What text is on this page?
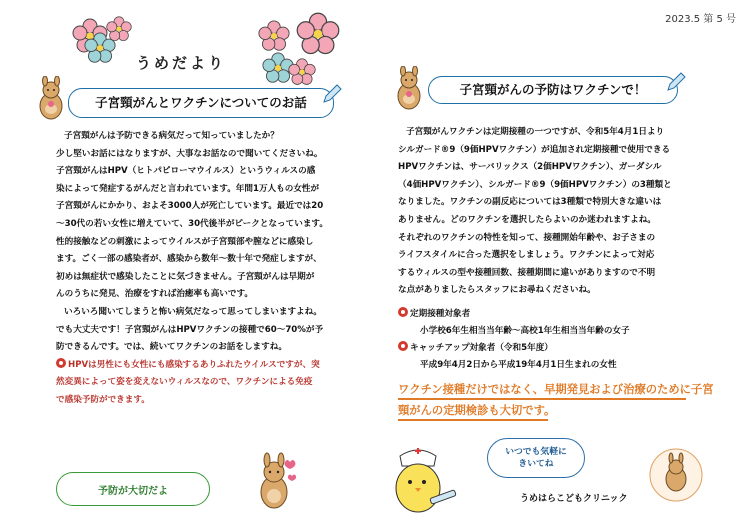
2023.5 第 5 号
うめだより
子宮頸がんとワクチンについてのお話

子宮頸がんは予防できる病気だって知っていましたか？

少し堅いお話にはなりますが、大事なお話なので聞いてくださいね。

子宮頸がんはHPV（ヒトパピローマウイルス）というウィルスの感

染によって発症するがんだと言われています。年間1万人もの女性が

子宮頸がんにかかり、およそ3000人が死亡しています。最近では20

～30代の若い女性に増えていて、30代後半がピークとなっています。

性的接触などの刺激によってウイルスが子宮頸部や膣などに感染し

ます。ごく一部の感染者が、感染から数年～数十年で発症しますが、

初めは無症状で感染したことに気づきません。子宮頸がんは早期が

んのうちに発見、治療をすれば治癒率も高いです。

いろいろ聞いてしまうと怖い病気だなって思ってしまいますよね。

でも大丈夫です！子宮頸がんはHPVワクチンの接種で60～70%が予

防できるんです。では、続いてワクチンのお話をしますね。

HPVは男性にも女性にも感染するありふれたウイルスですが、突

然変異によって姿を変えないウィルスなので、ワクチンによる免疫

で感染予防ができます。

予防が大切だよ
子宮頸がんの予防はワクチンで！

子宮頸がんワクチンは定期接種の一つですが、令和5年4月1日より

シルガード®9（9価HPVワクチン）が追加され定期接種で使用できる

HPVワクチンは、サーバリックス（2価HPVワクチン）、ガーダシル

（4価HPVワクチン）、シルガード®9（9価HPVワクチン）の3種類と

なりました。ワクチンの副反応については3種類で特別大きな違いは

ありません。どのワクチンを選択したらよいのか迷われますよね。

それぞれのワクチンの特性を知って、接種開始年齢や、お子さまの

ライフスタイルに合った選択をしましょう。ワクチンによって対応

するウィルスの型や接種回数、接種期間に違いがありますので不明

な点がありましたらスタッフにお尋ねくださいね。

定期接種対象者

小学校6年生相当当年齢～高校1年生相当当年齢の女子

キャッチアップ対象者（令和5年度）

平成9年4月2日から平成19年4月1日生まれの女性

ワクチン接種だけではなく、早期発見および治療のために子宮

頸がんの定期検診も大切です。

いつでも気軽に
きいてね
うめはらこどもクリニック
